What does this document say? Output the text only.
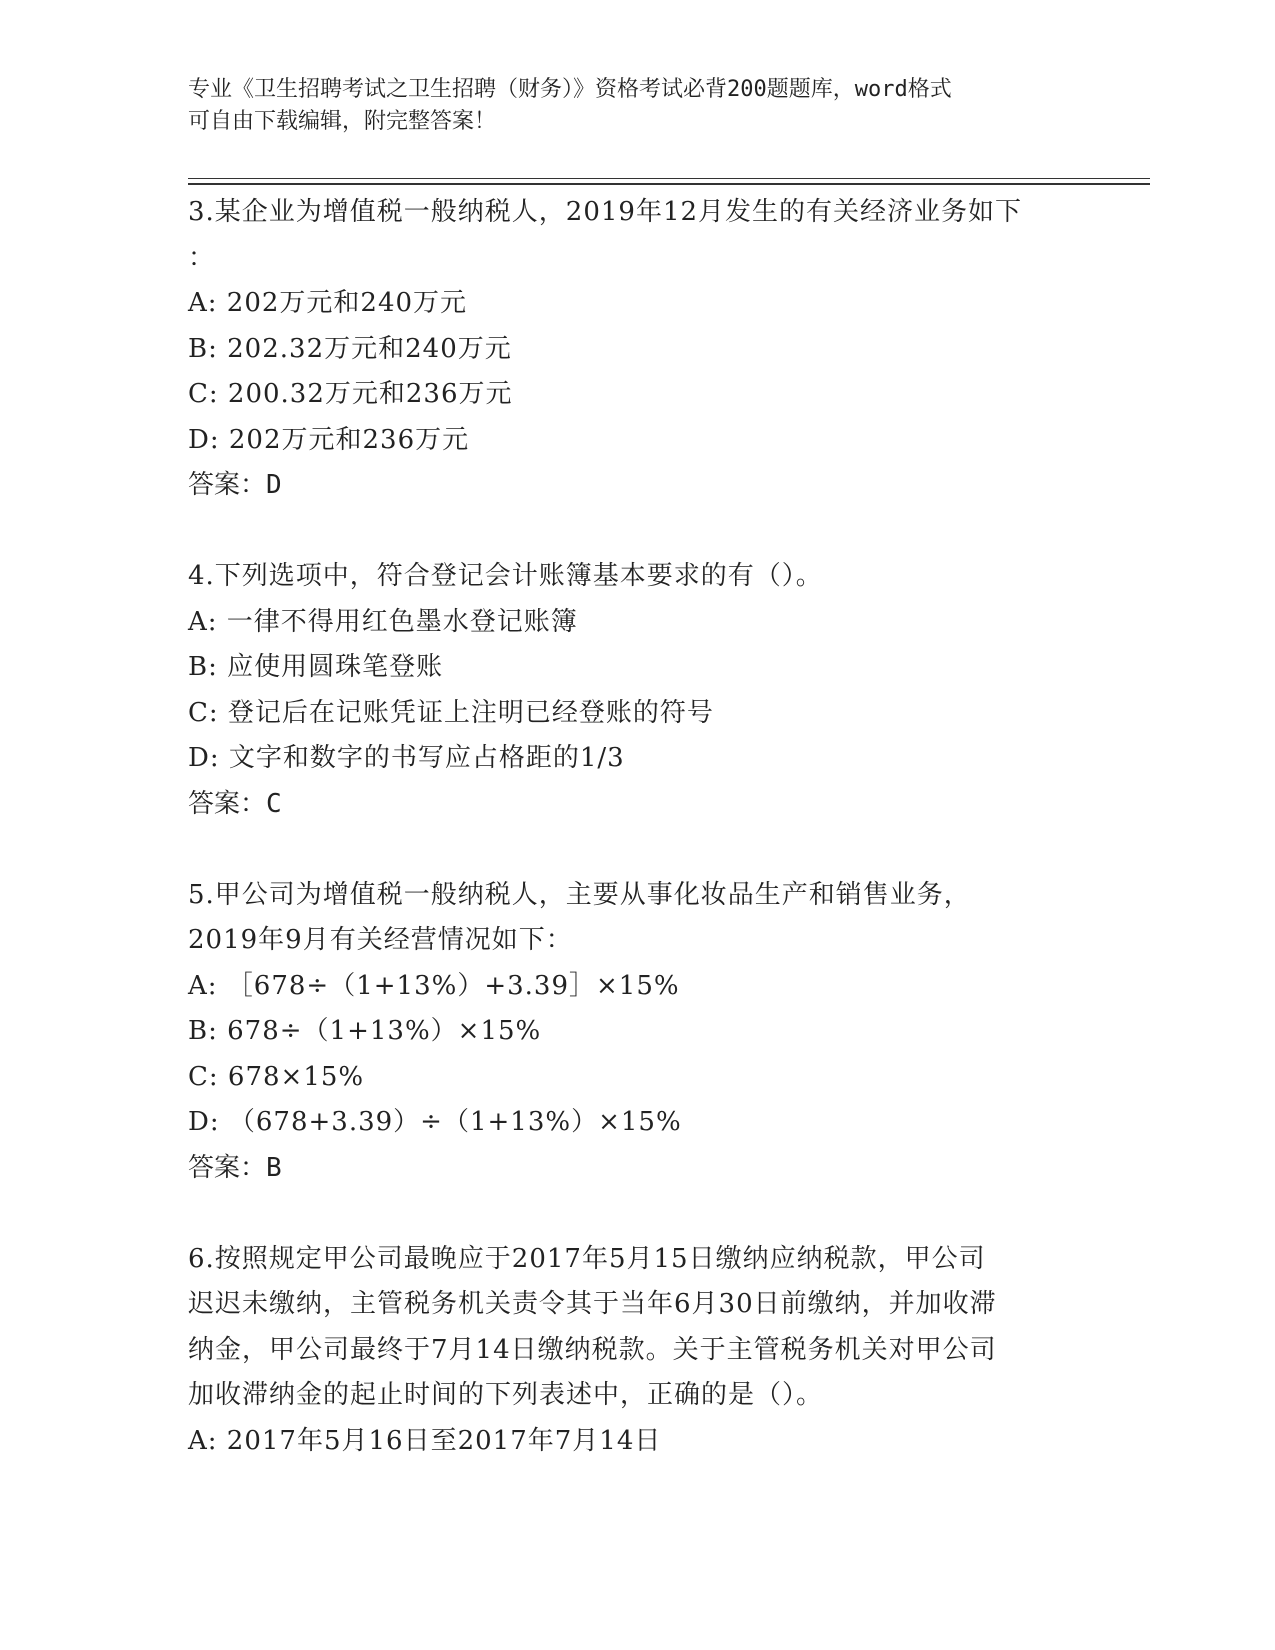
专业《卫生招聘考试之卫生招聘（财务）》资格考试必背200题题库，word格式
可自由下载编辑，附完整答案！
3.某企业为增值税一般纳税人，2019年12月发生的有关经济业务如下
：
A: 202万元和240万元
B: 202.32万元和240万元
C: 200.32万元和236万元
D: 202万元和236万元
答案：D
4.下列选项中，符合登记会计账簿基本要求的有（）。
A: 一律不得用红色墨水登记账簿
B: 应使用圆珠笔登账
C: 登记后在记账凭证上注明已经登账的符号
D: 文字和数字的书写应占格距的1/3
答案：C
5.甲公司为增值税一般纳税人，主要从事化妆品生产和销售业务，
2019年9月有关经营情况如下：
A: ［678÷（1+13%）+3.39］×15%
B: 678÷（1+13%）×15%
C: 678×15%
D: （678+3.39）÷（1+13%）×15%
答案：B
6.按照规定甲公司最晚应于2017年5月15日缴纳应纳税款，甲公司
迟迟未缴纳，主管税务机关责令其于当年6月30日前缴纳，并加收滞
纳金，甲公司最终于7月14日缴纳税款。关于主管税务机关对甲公司
加收滞纳金的起止时间的下列表述中，正确的是（）。
A: 2017年5月16日至2017年7月14日
